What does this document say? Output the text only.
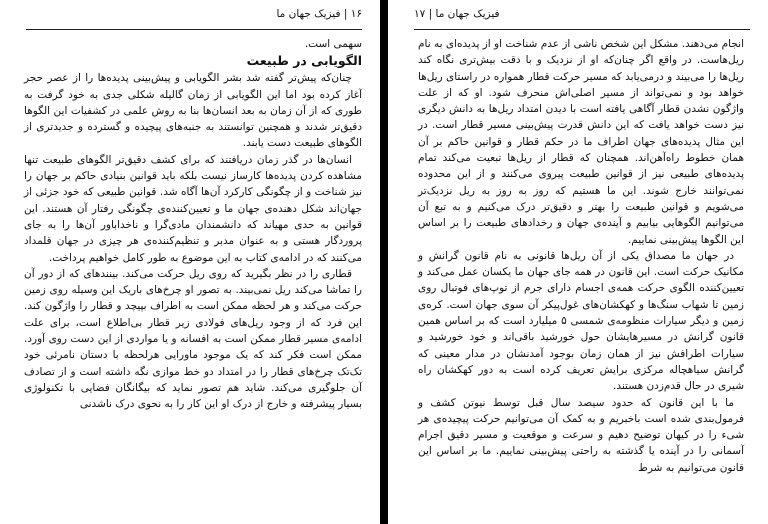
۱۶ | فیزیک جهان ما

سهمی است.

الگویابی در طبیعت

چنان‌که پیش‌تر گفته شد بشر الگویابی و پیش‌بینی پدیده‌ها را از عصر حجر آغاز کرده بود اما این الگویابی از زمان گالیله شکلی جدی به خود گرفت به طوری که از آن زمان به بعد انسان‌ها بنا به روش علمی در کشفیات این الگوها دقیق‌تر شدند و همچنین توانستند به جنبه‌های پیچیده و گسترده و جدیدتری از الگوهای طبیعت دست یابند.

انسان‌ها در گذر زمان دریافتند که برای کشف دقیق‌تر الگوهای طبیعت تنها مشاهده کردن پدیده‌ها کارساز نیست بلکه باید قوانین بنیادی حاکم بر جهان را نیز شناخت و از چگونگی کارکرد آن‌ها آگاه شد. قوانین طبیعی که خود جزئی از جهان‌اند شکل دهنده‌ی جهان ما و تعیین‌کننده‌ی چگونگی رفتار آن هستند. این قوانین به حدی مهیاند که دانشمندان مادی‌گرا و ناخداباور آن‌ها را به جای پروردگار هستی و به عنوان مدبر و تنظیم‌کننده‌ی هر چیزی در جهان قلمداد می‌کنند که در ادامه‌ی کتاب به این موضوع به طور کامل خواهیم پرداخت.

قطاری را در نظر بگیرید که روی ریل حرکت می‌کند. بینندهای که از دور آن را تماشا می‌کند ریل نمی‌بیند. به تصور او چرخ‌های باریک این وسیله روی زمین حرکت می‌کند و هر لحظه ممکن است به اطراف بپیچد و قطار را واژگون کند. این فرد که از وجود ریل‌های فولادی زیر قطار بی‌اطلاع است، برای علت ادامه‌ی مسیر قطار ممکن است به افسانه و یا مواردی از این دست روی آورد. ممکن است فکر کند که یک موجود ماورایی هرلحظه با دستان نامرئی خود تک‌تک چرخ‌های قطار را در امتداد دو خط موازی نگه داشته است و از تصادف آن جلوگیری می‌کند. شاید هم تصور نماید که بیگانگان فضایی با تکنولوژی بسیار پیشرفته و خارج از درک او این کار را به نحوی درک ناشدنی

فیزیک جهان ما | ۱۷

انجام می‌دهند. مشکل این شخص ناشی از عدم شناخت او از پدیده‌ای به نام ریل‌هاست. در واقع اگر چنان‌که او از نزدیک و با دقت بیش‌تری نگاه کند ریل‌ها را می‌بیند و در‌می‌یابد که مسیر حرکت قطار همواره در راستای ریل‌ها خواهد بود و نمی‌تواند از مسیر اصلی‌اش منحرف شود. او که از علت واژگون نشدن قطار آگاهی یافته است با دیدن امتداد ریل‌ها به دانش دیگری نیز دست خواهد یافت که این دانش قدرت پیش‌بینی مسیر قطار است. در این مثال پدیده‌های جهان اطراف ما در حکم قطار و قوانین حاکم بر آن همان خطوط راه‌آهن‌اند. همچنان که قطار از ریل‌ها تبعیت می‌کند تمام پدیده‌های طبیعی نیز از قوانین طبیعت پیروی می‌کنند و از این محدوده نمی‌توانند خارج شوند. این ما هستیم که روز به روز به ریل نزدیک‌تر می‌شویم و قوانین طبیعت را بهتر و دقیق‌تر درک می‌کنیم و به تبع آن می‌توانیم الگوهایی بیابیم و آینده‌ی جهان و رخدادهای طبیعت را بر اساس این الگوها پیش‌بینی نماییم.

در جهان ما مصداق یکی از آن ریل‌ها قانونی به نام قانون گرانش و مکانیک حرکت است. این قانون در همه جای جهان ما یکسان عمل می‌کند و تعیین‌کننده الگوی حرکت همه‌ی اجسام دارای جرم از توپ‌های فوتبال روی زمین تا شهاب سنگ‌ها و کهکشان‌های غول‌پیکر آن سوی جهان است. کره‌ی زمین و دیگر سیارات منظومه‌ی شمسی ۵ میلیارد است که بر اساس همین قانون گرانش در مسیرهایشان حول خورشید باقی‌اند و خود خورشید و سیارات اطرافش نیز از همان زمان بوجود آمدنشان در مدار معینی که گرانش سیاهچاله مرکزی برایش تعریف کرده است به دور کهکشان راه شیری در حال قدم‌زدن هستند.

ما با این قانون که حدود سیصد سال قبل توسط نیوتن کشف و فرمول‌بندی شده است باخبریم و به کمک آن می‌توانیم حرکت پیچیده‌ی هر شیء را در کیهان توضیح دهیم و سرعت و موقعیت و مسیر دقیق اجرام آسمانی را در آینده یا گذشته به راحتی پیش‌بینی نماییم. ما بر اساس این قانون می‌توانیم به شرط
